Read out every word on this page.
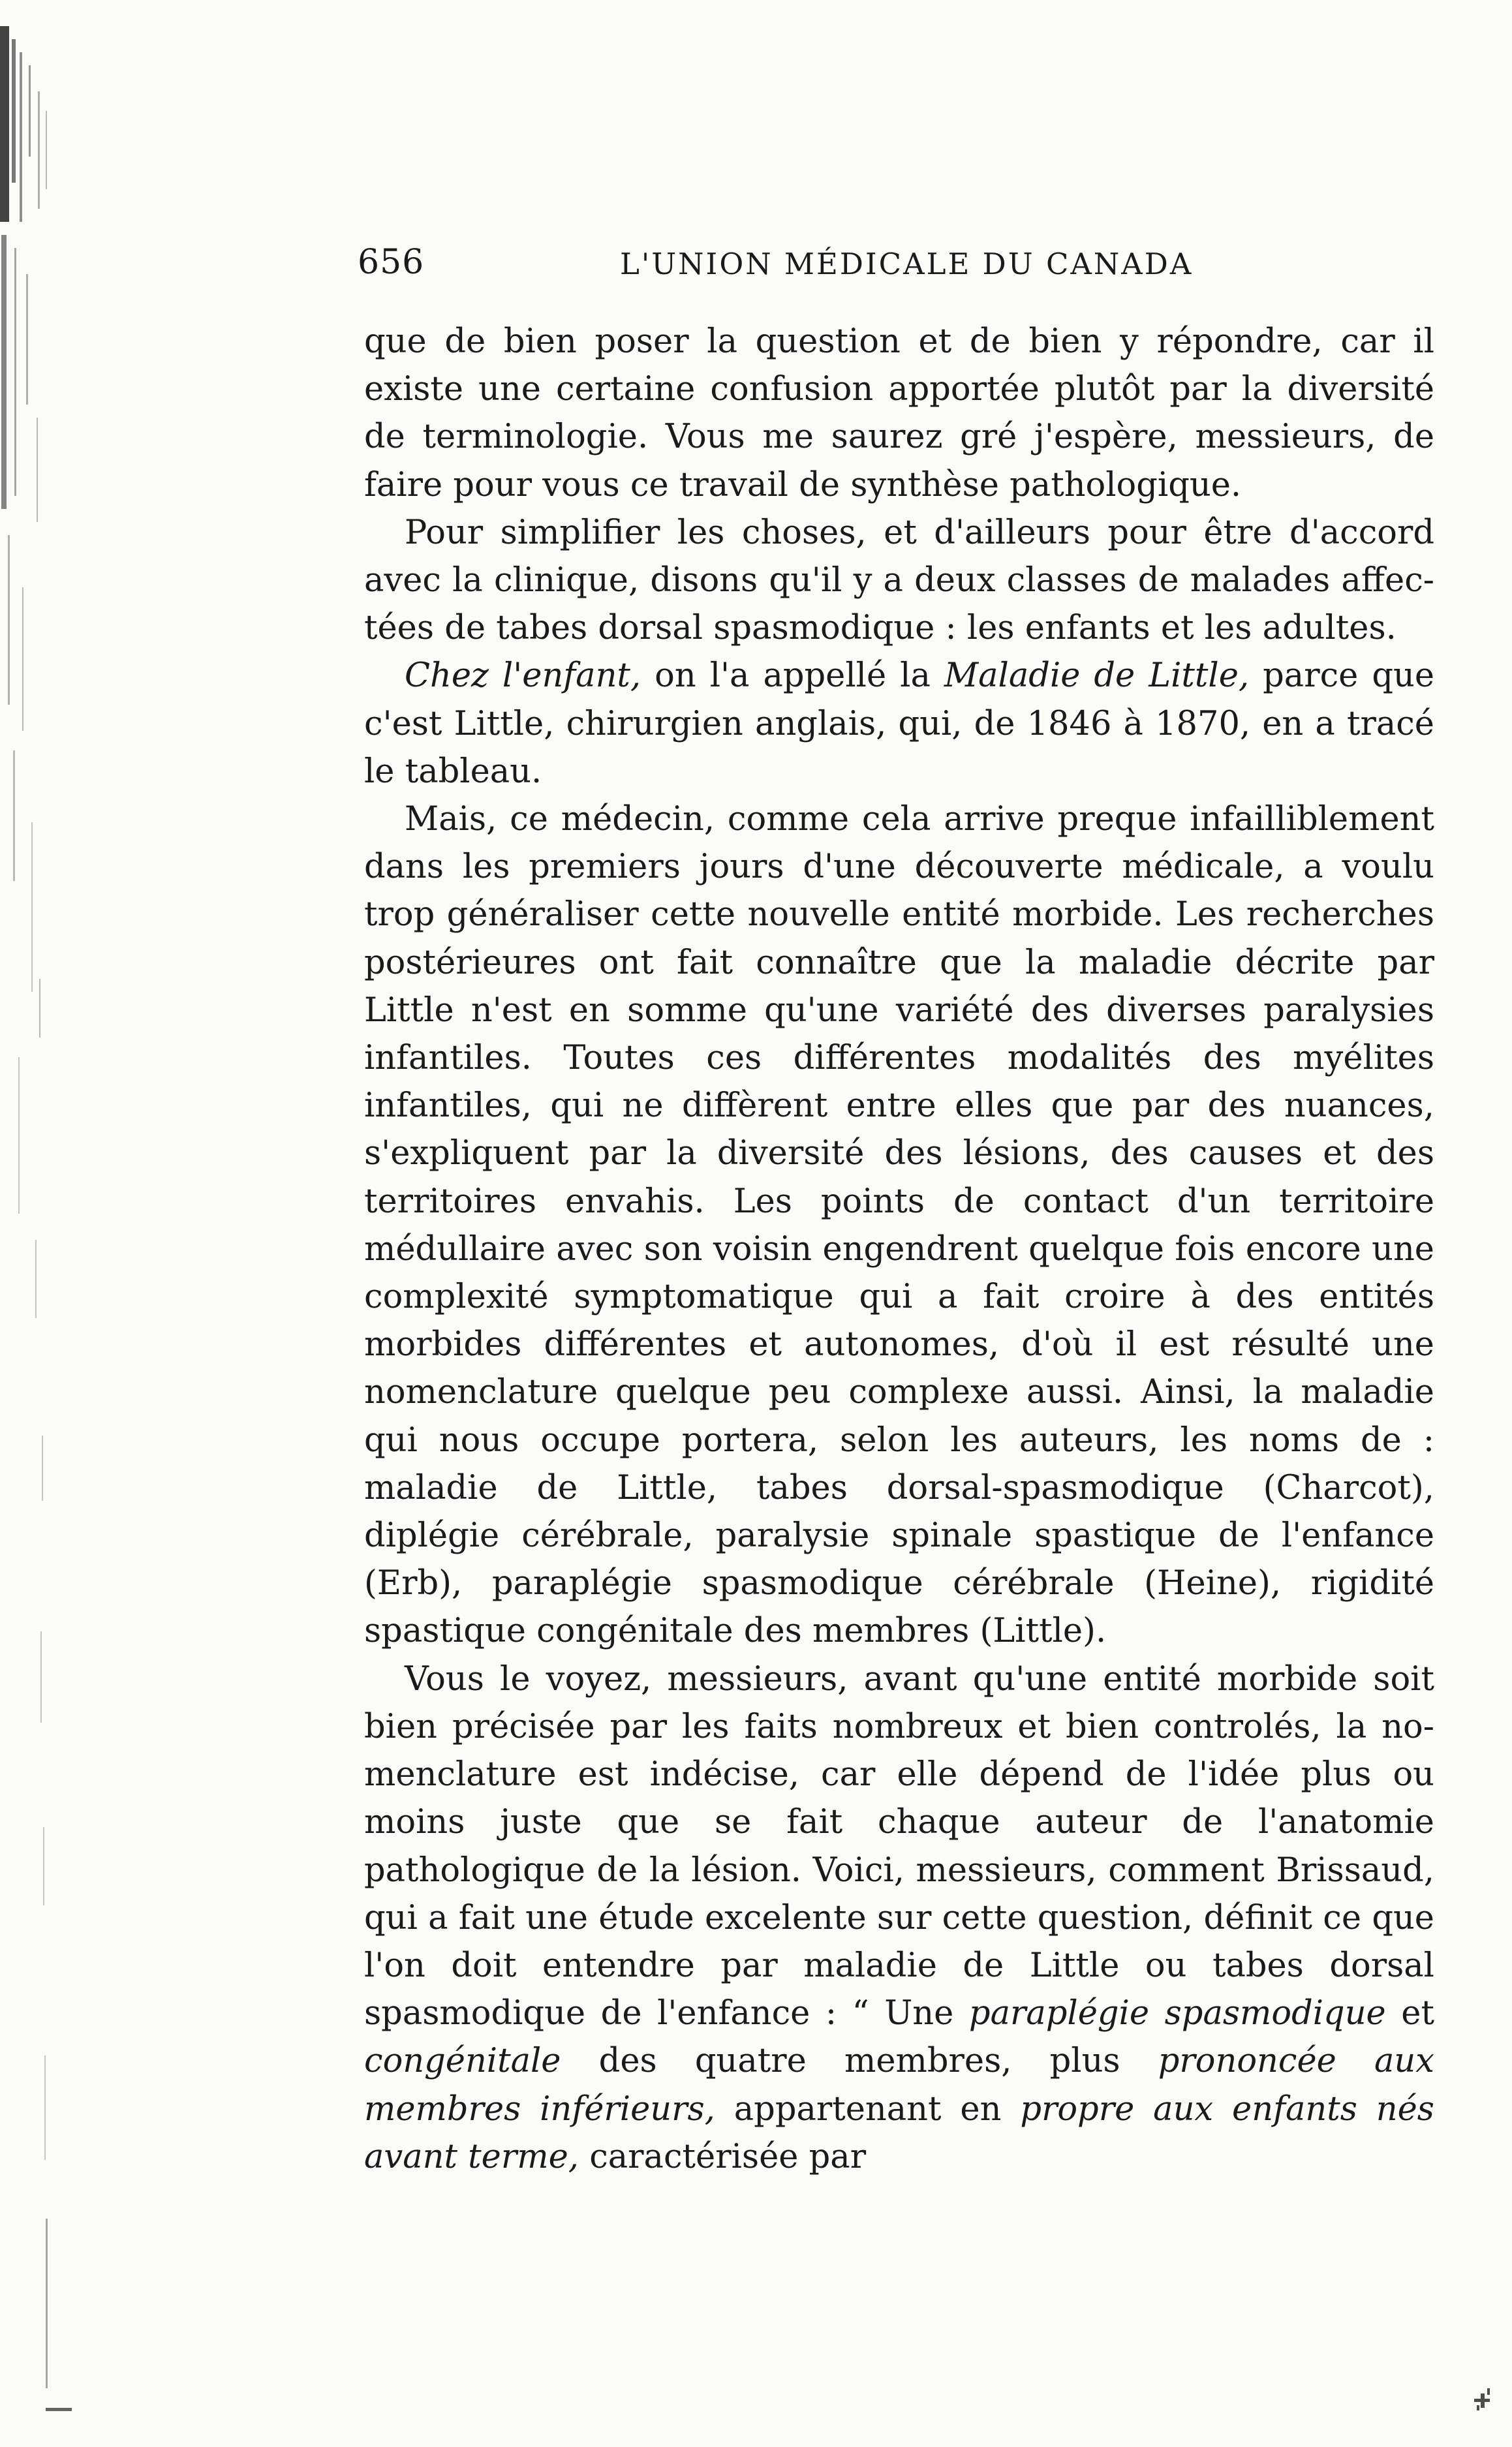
656	L'UNION MÉDICALE DU CANADA

que de bien poser la question et de bien y répondre, car il existe une certaine confusion apportée plutôt par la diversité de terminologie. Vous me saurez gré j'espère, messieurs, de faire pour vous ce travail de synthèse pathologique.

Pour simplifier les choses, et d'ailleurs pour être d'accord avec la clinique, disons qu'il y a deux classes de malades affectées de tabes dorsal spasmodique : les enfants et les adultes.

Chez l'enfant, on l'a appellé la Maladie de Little, parce que c'est Little, chirurgien anglais, qui, de 1846 à 1870, en a tracé le tableau.

Mais, ce médecin, comme cela arrive preque infailliblement dans les premiers jours d'une découverte médicale, a voulu trop généraliser cette nouvelle entité morbide. Les recherches postérieures ont fait connaître que la maladie décrite par Little n'est en somme qu'une variété des diverses paralysies infantiles. Toutes ces différentes modalités des myélites infantiles, qui ne diffèrent entre elles que par des nuances, s'expliquent par la diversité des lésions, des causes et des territoires envahis. Les points de contact d'un territoire médullaire avec son voisin engendrent quelque fois encore une complexité symptomatique qui a fait croire à des entités morbides différentes et autonomes, d'où il est résulté une nomenclature quelque peu complexe aussi. Ainsi, la maladie qui nous occupe portera, selon les auteurs, les noms de : maladie de Little, tabes dorsal-spasmodique (Charcot), diplégie cérébrale, paralysie spinale spastique de l'enfance (Erb), paraplégie spasmodique cérébrale (Heine), rigidité spastique congénitale des membres (Little).

Vous le voyez, messieurs, avant qu'une entité morbide soit bien précisée par les faits nombreux et bien controlés, la nomenclature est indécise, car elle dépend de l'idée plus ou moins juste que se fait chaque auteur de l'anatomie pathologique de la lésion. Voici, messieurs, comment Brissaud, qui a fait une étude excelente sur cette question, définit ce que l'on doit entendre par maladie de Little ou tabes dorsal spasmodique de l'enfance : “ Une paraplégie spasmodique et congénitale des quatre membres, plus prononcée aux membres inférieurs, appartenant en propre aux enfants nés avant terme, caractérisée par
